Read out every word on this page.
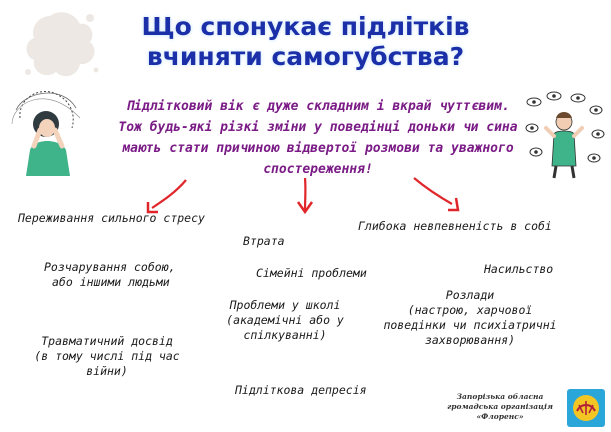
Що спонукає підлітків
вчиняти самогубства?
Підлітковий вік є дуже складним і вкрай чуттєвим. Тож будь-які різкі зміни у поведінці доньки чи сина мають стати причиною відвертої розмови та уважного спостереження!
Переживання сильного стресу
Втрата
Глибока невпевненість в собі
Розчарування собою,
або іншими людьми
Сімейні проблеми	Насильство
Проблеми у школі
(академічні або у
спілкуванні)
Розлади
(настрою, харчової
поведінки чи психіатричні
захворювання)
Травматичний досвід
(в тому числі під час
війни)
Підліткова депресія	Запорізька обласна
громадська організація
«Флоренс»
